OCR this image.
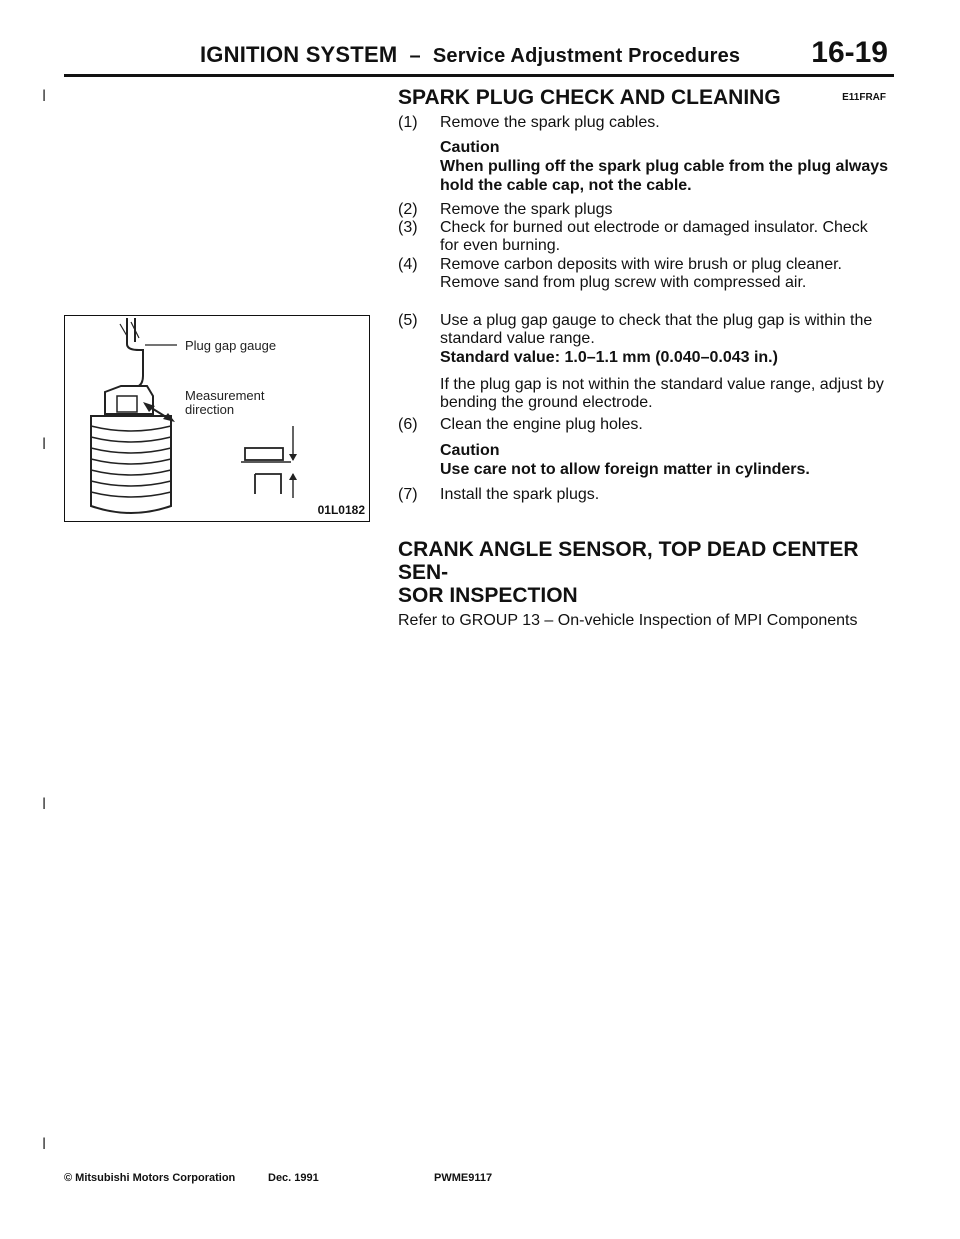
IGNITION SYSTEM – Service Adjustment Procedures 16-19
ǀ
ǀ
ǀ
ǀ
SPARK PLUG CHECK AND CLEANING	E11FRAF
(1) Remove the spark plug cables.
Caution
When pulling off the spark plug cable from the plug always hold the cable cap, not the cable.
(2) Remove the spark plugs
(3) Check for burned out electrode or damaged insulator. Check for even burning.
(4) Remove carbon deposits with wire brush or plug cleaner. Remove sand from plug screw with compressed air.
(5) Use a plug gap gauge to check that the plug gap is within the standard value range.
Standard value: 1.0–1.1 mm (0.040–0.043 in.)
If the plug gap is not within the standard value range, adjust by bending the ground electrode.
(6) Clean the engine plug holes.
Caution
Use care not to allow foreign matter in cylinders.
(7) Install the spark plugs.
Plug gap gauge
Measurement
direction
01L0182
CRANK ANGLE SENSOR, TOP DEAD CENTER SEN-
SOR INSPECTION
Refer to GROUP 13 – On-vehicle Inspection of MPI Components
© Mitsubishi Motors Corporation	Dec. 1991	PWME9117
